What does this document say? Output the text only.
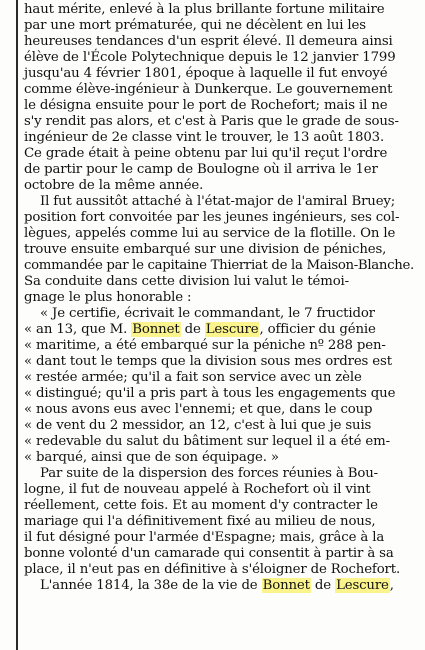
haut mérite, enlevé à la plus brillante fortune militaire
par une mort prématurée, qui ne décèlent en lui les
heureuses tendances d'un esprit élevé. Il demeura ainsi
élève de l'École Polytechnique depuis le 12 janvier 1799
jusqu'au 4 février 1801, époque à laquelle il fut envoyé
comme élève-ingénieur à Dunkerque. Le gouvernement
le désigna ensuite pour le port de Rochefort; mais il ne
s'y rendit pas alors, et c'est à Paris que le grade de sous-
ingénieur de 2e classe vint le trouver, le 13 août 1803.
Ce grade était à peine obtenu par lui qu'il reçut l'ordre
de partir pour le camp de Boulogne où il arriva le 1er
octobre de la même année.
Il fut aussitôt attaché à l'état-major de l'amiral Bruey;
position fort convoitée par les jeunes ingénieurs, ses col-
lègues, appelés comme lui au service de la flotille. On le
trouve ensuite embarqué sur une division de péniches,
commandée par le capitaine Thierriat de la Maison-Blanche.
Sa conduite dans cette division lui valut le témoi-
gnage le plus honorable :
« Je certifie, écrivait le commandant, le 7 fructidor
« an 13, que M. Bonnet de Lescure, officier du génie
« maritime, a été embarqué sur la péniche nº 288 pen-
« dant tout le temps que la division sous mes ordres est
« restée armée; qu'il a fait son service avec un zèle
« distingué; qu'il a pris part à tous les engagements que
« nous avons eus avec l'ennemi; et que, dans le coup
« de vent du 2 messidor, an 12, c'est à lui que je suis
« redevable du salut du bâtiment sur lequel il a été em-
« barqué, ainsi que de son équipage. »
Par suite de la dispersion des forces réunies à Bou-
logne, il fut de nouveau appelé à Rochefort où il vint
réellement, cette fois. Et au moment d'y contracter le
mariage qui l'a définitivement fixé au milieu de nous,
il fut désigné pour l'armée d'Espagne; mais, grâce à la
bonne volonté d'un camarade qui consentit à partir à sa
place, il n'eut pas en définitive à s'éloigner de Rochefort.
L'année 1814, la 38e de la vie de Bonnet de Lescure,
